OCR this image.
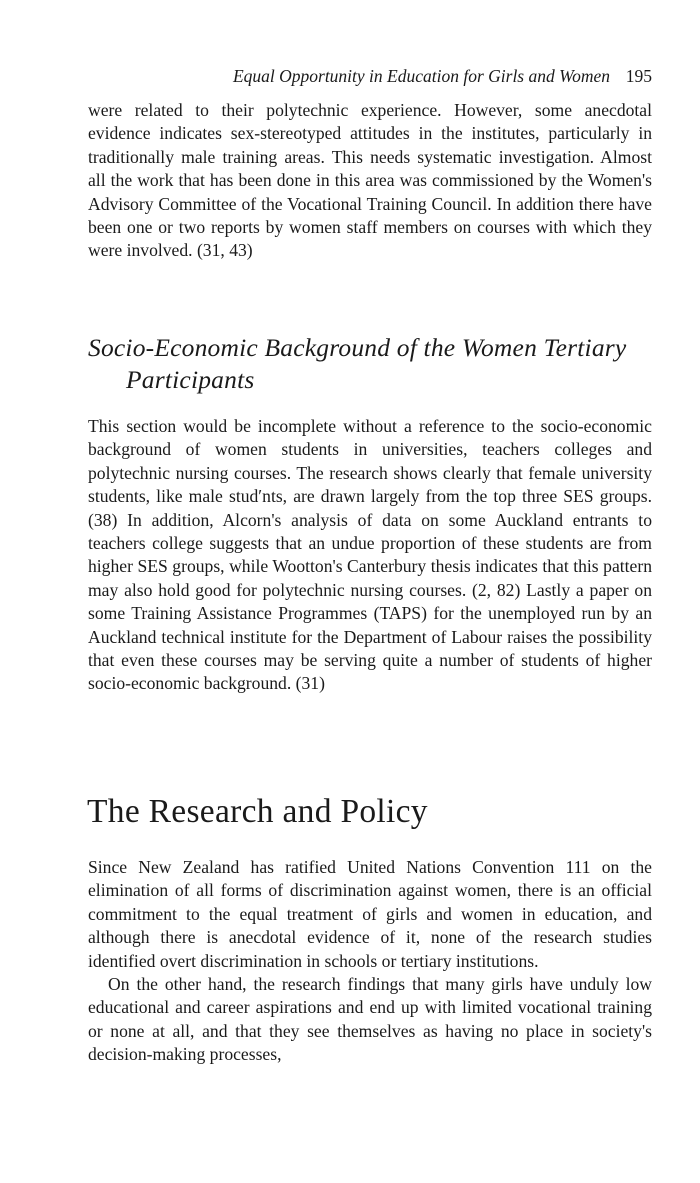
Equal Opportunity in Education for Girls and Women 195

were related to their polytechnic experience. However, some anecdotal evidence indicates sex-stereotyped attitudes in the institutes, particularly in traditionally male training areas. This needs systematic investigation. Almost all the work that has been done in this area was commissioned by the Women's Advisory Committee of the Vocational Training Council. In addition there have been one or two reports by women staff members on courses with which they were involved. (31, 43)

Socio-Economic Background of the Women Tertiary Participants

This section would be incomplete without a reference to the socio-economic background of women students in universities, teachers colleges and polytechnic nursing courses. The research shows clearly that female university students, like male stud′nts, are drawn largely from the top three SES groups. (38) In addition, Alcorn's analysis of data on some Auckland entrants to teachers college suggests that an undue proportion of these students are from higher SES groups, while Wootton's Canterbury thesis indicates that this pattern may also hold good for polytechnic nursing courses. (2, 82) Lastly a paper on some Training Assistance Programmes (TAPS) for the unemployed run by an Auckland technical institute for the Department of Labour raises the possibility that even these courses may be serving quite a number of students of higher socio-economic background. (31)

The Research and Policy

Since New Zealand has ratified United Nations Convention 111 on the elimination of all forms of discrimination against women, there is an official commitment to the equal treatment of girls and women in education, and although there is anecdotal evidence of it, none of the research studies identified overt discrimination in schools or tertiary institutions.

On the other hand, the research findings that many girls have unduly low educational and career aspirations and end up with limited vocational training or none at all, and that they see themselves as having no place in society's decision-making processes,
